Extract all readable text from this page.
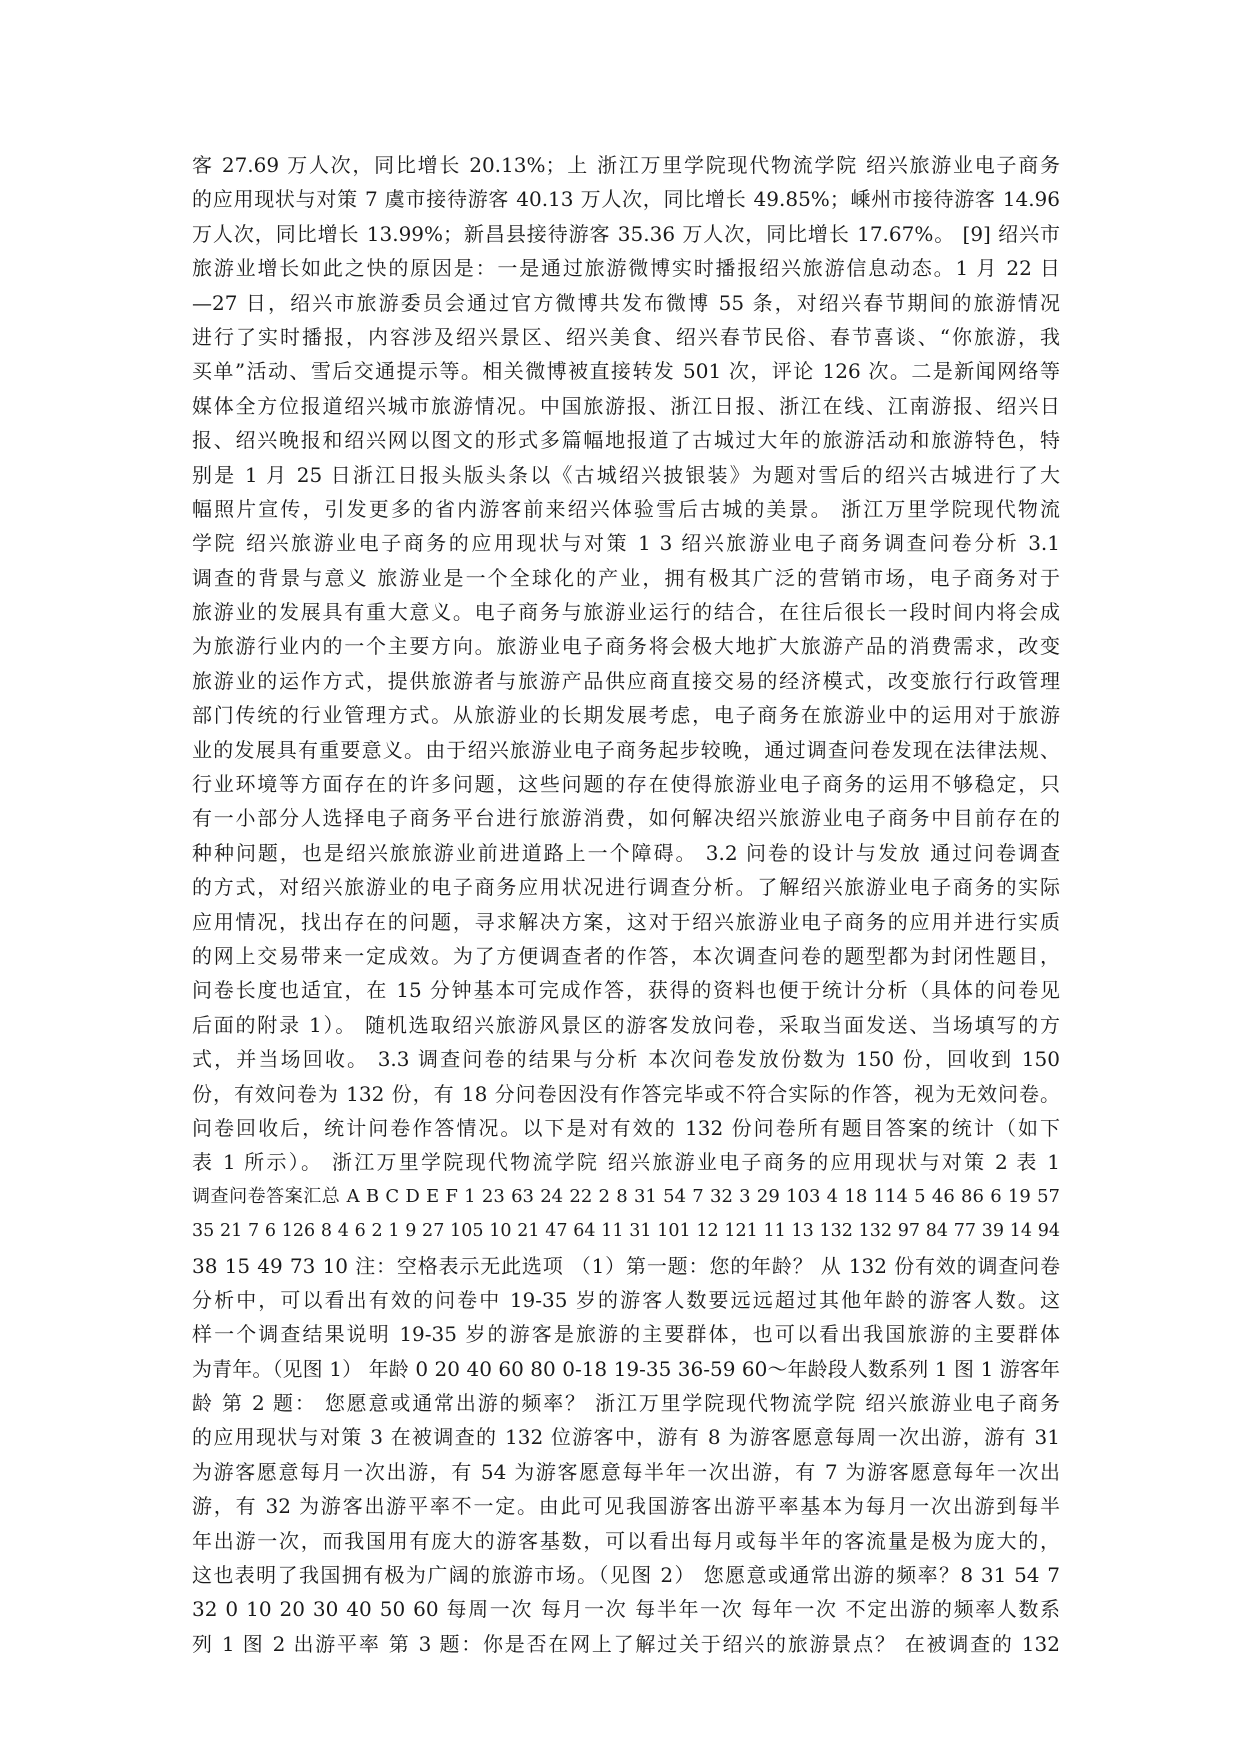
客 27.69 万人次，同比增长 20.13%；上 浙江万里学院现代物流学院 绍兴旅游业电子商务
的应用现状与对策 7 虞市接待游客 40.13 万人次，同比增长 49.85%；嵊州市接待游客 14.96
万人次，同比增长 13.99%；新昌县接待游客 35.36 万人次，同比增长 17.67%。 [9] 绍兴市
旅游业增长如此之快的原因是：一是通过旅游微博实时播报绍兴旅游信息动态。1 月 22 日
—27 日，绍兴市旅游委员会通过官方微博共发布微博 55 条，对绍兴春节期间的旅游情况
进行了实时播报，内容涉及绍兴景区、绍兴美食、绍兴春节民俗、春节喜谈、“你旅游，我
买单”活动、雪后交通提示等。相关微博被直接转发 501 次，评论 126 次。二是新闻网络等
媒体全方位报道绍兴城市旅游情况。中国旅游报、浙江日报、浙江在线、江南游报、绍兴日
报、绍兴晚报和绍兴网以图文的形式多篇幅地报道了古城过大年的旅游活动和旅游特色，特
别是 1 月 25 日浙江日报头版头条以《古城绍兴披银装》为题对雪后的绍兴古城进行了大
幅照片宣传，引发更多的省内游客前来绍兴体验雪后古城的美景。 浙江万里学院现代物流
学院 绍兴旅游业电子商务的应用现状与对策 1 3 绍兴旅游业电子商务调查问卷分析 3.1
调查的背景与意义 旅游业是一个全球化的产业，拥有极其广泛的营销市场，电子商务对于
旅游业的发展具有重大意义。电子商务与旅游业运行的结合，在往后很长一段时间内将会成
为旅游行业内的一个主要方向。旅游业电子商务将会极大地扩大旅游产品的消费需求，改变
旅游业的运作方式，提供旅游者与旅游产品供应商直接交易的经济模式，改变旅行行政管理
部门传统的行业管理方式。从旅游业的长期发展考虑，电子商务在旅游业中的运用对于旅游
业的发展具有重要意义。由于绍兴旅游业电子商务起步较晚，通过调查问卷发现在法律法规、
行业环境等方面存在的许多问题，这些问题的存在使得旅游业电子商务的运用不够稳定，只
有一小部分人选择电子商务平台进行旅游消费，如何解决绍兴旅游业电子商务中目前存在的
种种问题，也是绍兴旅旅游业前进道路上一个障碍。 3.2 问卷的设计与发放 通过问卷调查
的方式，对绍兴旅游业的电子商务应用状况进行调查分析。了解绍兴旅游业电子商务的实际
应用情况，找出存在的问题，寻求解决方案，这对于绍兴旅游业电子商务的应用并进行实质
的网上交易带来一定成效。为了方便调查者的作答，本次调查问卷的题型都为封闭性题目，
问卷长度也适宜，在 15 分钟基本可完成作答，获得的资料也便于统计分析（具体的问卷见
后面的附录 1）。 随机选取绍兴旅游风景区的游客发放问卷，采取当面发送、当场填写的方
式，并当场回收。 3.3 调查问卷的结果与分析 本次问卷发放份数为 150 份，回收到 150
份，有效问卷为 132 份，有 18 分问卷因没有作答完毕或不符合实际的作答，视为无效问卷。
问卷回收后，统计问卷作答情况。以下是对有效的 132 份问卷所有题目答案的统计（如下
表 1 所示）。 浙江万里学院现代物流学院 绍兴旅游业电子商务的应用现状与对策 2 表 1
调查问卷答案汇总 A B C D E F 1 23 63 24 22 2 8 31 54 7 32 3 29 103 4 18 114 5 46 86 6 19 57
35 21 7 6 126 8 4 6 2 1 9 27 105 10 21 47 64 11 31 101 12 121 11 13 132 132 97 84 77 39 14 94
38 15 49 73 10 注：空格表示无此选项 （1）第一题：您的年龄？ 从 132 份有效的调查问卷
分析中，可以看出有效的问卷中 19-35 岁的游客人数要远远超过其他年龄的游客人数。这
样一个调查结果说明 19-35 岁的游客是旅游的主要群体，也可以看出我国旅游的主要群体
为青年。（见图 1） 年龄 0 20 40 60 80 0-18 19-35 36-59 60～年龄段人数系列 1 图 1 游客年
龄 第 2 题： 您愿意或通常出游的频率？ 浙江万里学院现代物流学院 绍兴旅游业电子商务
的应用现状与对策 3 在被调查的 132 位游客中，游有 8 为游客愿意每周一次出游，游有 31
为游客愿意每月一次出游，有 54 为游客愿意每半年一次出游，有 7 为游客愿意每年一次出
游，有 32 为游客出游平率不一定。由此可见我国游客出游平率基本为每月一次出游到每半
年出游一次，而我国用有庞大的游客基数，可以看出每月或每半年的客流量是极为庞大的，
这也表明了我国拥有极为广阔的旅游市场。（见图 2） 您愿意或通常出游的频率？8 31 54 7
32 0 10 20 30 40 50 60 每周一次 每月一次 每半年一次 每年一次 不定出游的频率人数系
列 1 图 2 出游平率 第 3 题：你是否在网上了解过关于绍兴的旅游景点？ 在被调查的 132
